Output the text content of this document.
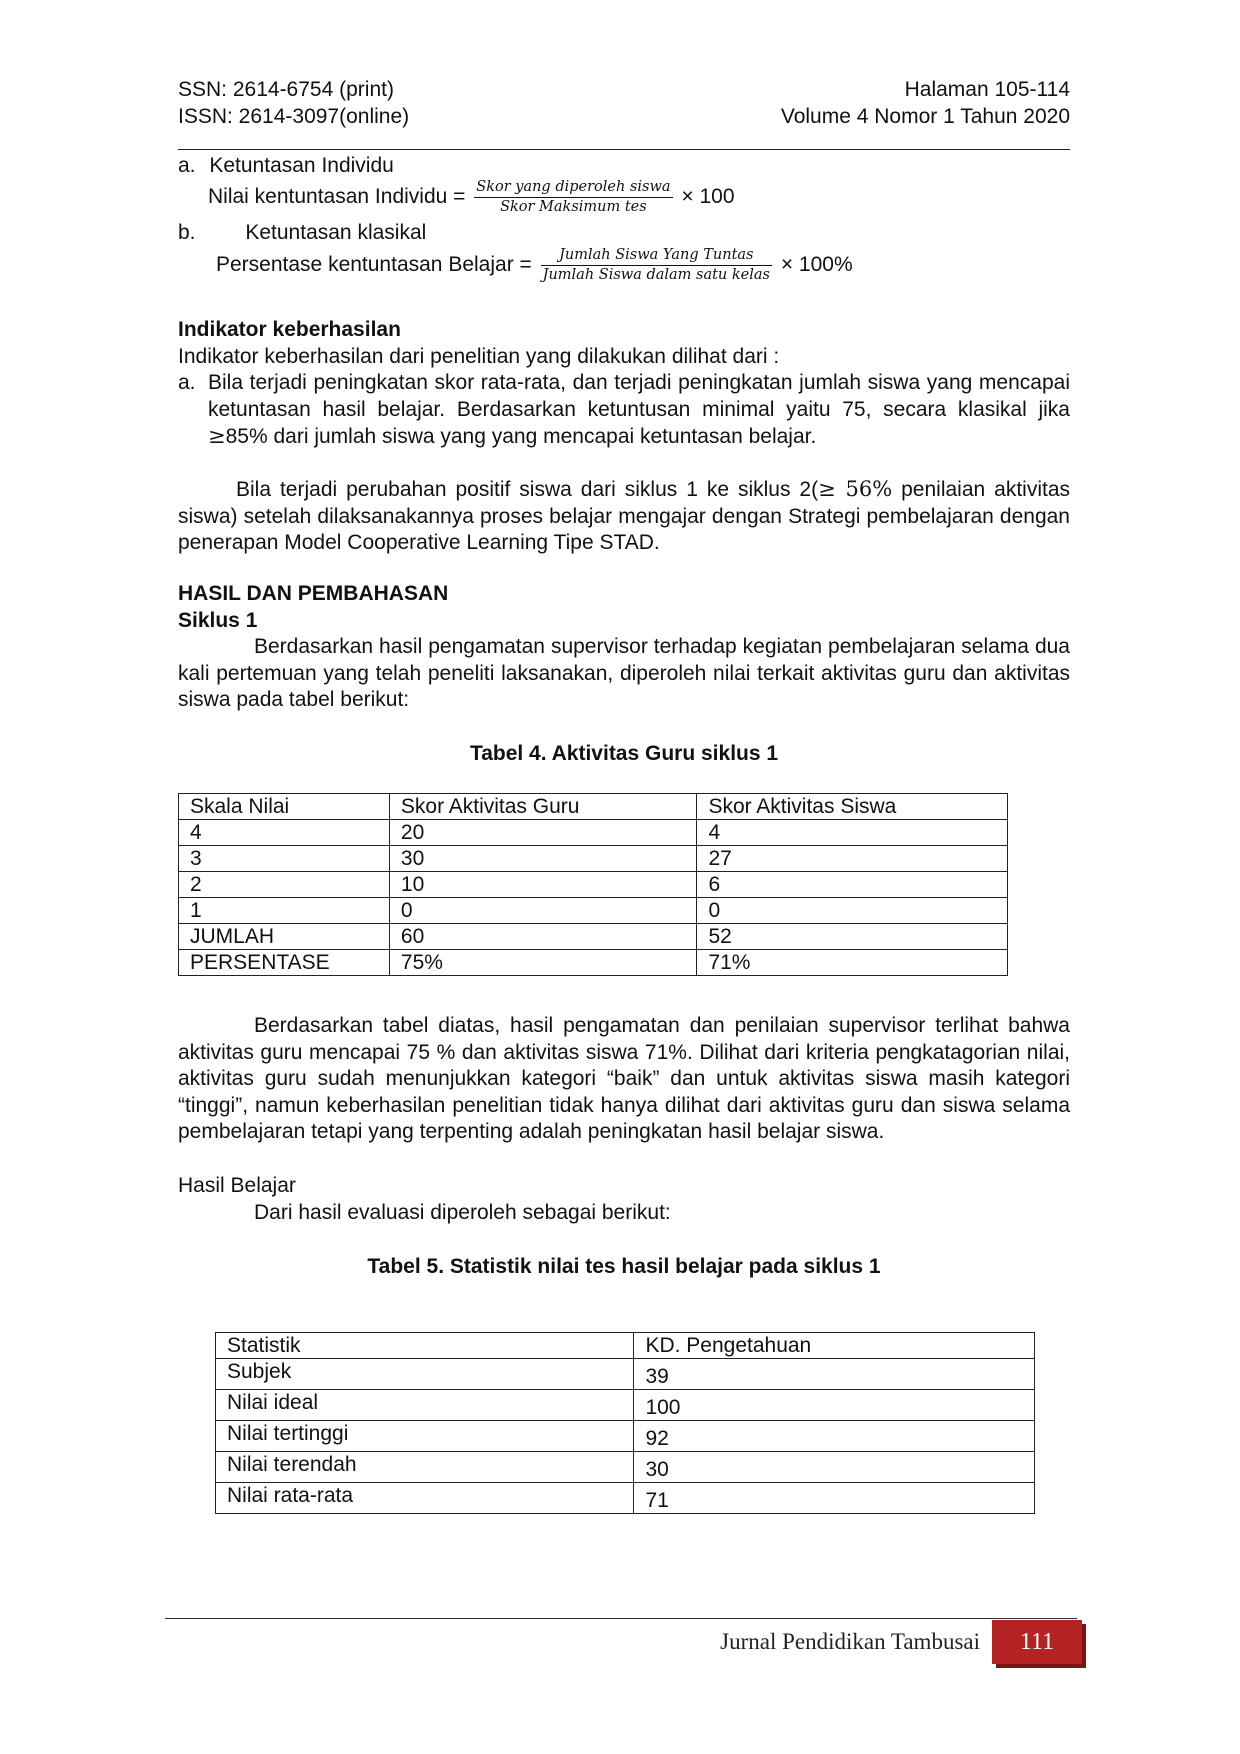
SSN: 2614-6754 (print)
ISSN: 2614-3097(online)
Halaman 105-114
Volume 4 Nomor 1 Tahun 2020
a. Ketuntasan Individu
Nilai kentuntasan Individu = $\frac{\text{Skor yang diperoleh siswa}}{\text{Skor Maksimum tes}} \times 100$
b. Ketuntasan klasikal
Persentase kentuntasan Belajar = $\frac{\text{Jumlah Siswa Yang Tuntas}}{\text{Jumlah Siswa dalam satu kelas}} \times 100\%$
Indikator keberhasilan
Indikator keberhasilan dari penelitian yang dilakukan dilihat dari :
a. Bila terjadi peningkatan skor rata-rata, dan terjadi peningkatan jumlah siswa yang mencapai ketuntasan hasil belajar. Berdasarkan ketuntusan minimal yaitu 75, secara klasikal jika ≥85% dari jumlah siswa yang yang mencapai ketuntasan belajar.
Bila terjadi perubahan positif siswa dari siklus 1 ke siklus 2(≥ 56% penilaian aktivitas siswa) setelah dilaksanakannya proses belajar mengajar dengan Strategi pembelajaran dengan penerapan Model Cooperative Learning Tipe STAD.
HASIL DAN PEMBAHASAN
Siklus 1
Berdasarkan hasil pengamatan supervisor terhadap kegiatan pembelajaran selama dua kali pertemuan yang telah peneliti laksanakan, diperoleh nilai terkait aktivitas guru dan aktivitas siswa pada tabel berikut:
Tabel 4. Aktivitas Guru siklus 1
Skala Nilai	Skor Aktivitas Guru	Skor Aktivitas Siswa
4	20	4
3	30	27
2	10	6
1	0	0
JUMLAH	60	52
PERSENTASE	75%	71%
Berdasarkan tabel diatas, hasil pengamatan dan penilaian supervisor terlihat bahwa aktivitas guru mencapai 75 % dan aktivitas siswa 71%. Dilihat dari kriteria pengkatagorian nilai, aktivitas guru sudah menunjukkan kategori “baik” dan untuk aktivitas siswa masih kategori “tinggi”, namun keberhasilan penelitian tidak hanya dilihat dari aktivitas guru dan siswa selama pembelajaran tetapi yang terpenting adalah peningkatan hasil belajar siswa.
Hasil Belajar
Dari hasil evaluasi diperoleh sebagai berikut:
Tabel 5. Statistik nilai tes hasil belajar pada siklus 1
Statistik	KD. Pengetahuan
Subjek	39
Nilai ideal	100
Nilai tertinggi	92
Nilai terendah	30
Nilai rata-rata	71
Jurnal Pendidikan Tambusai	111
